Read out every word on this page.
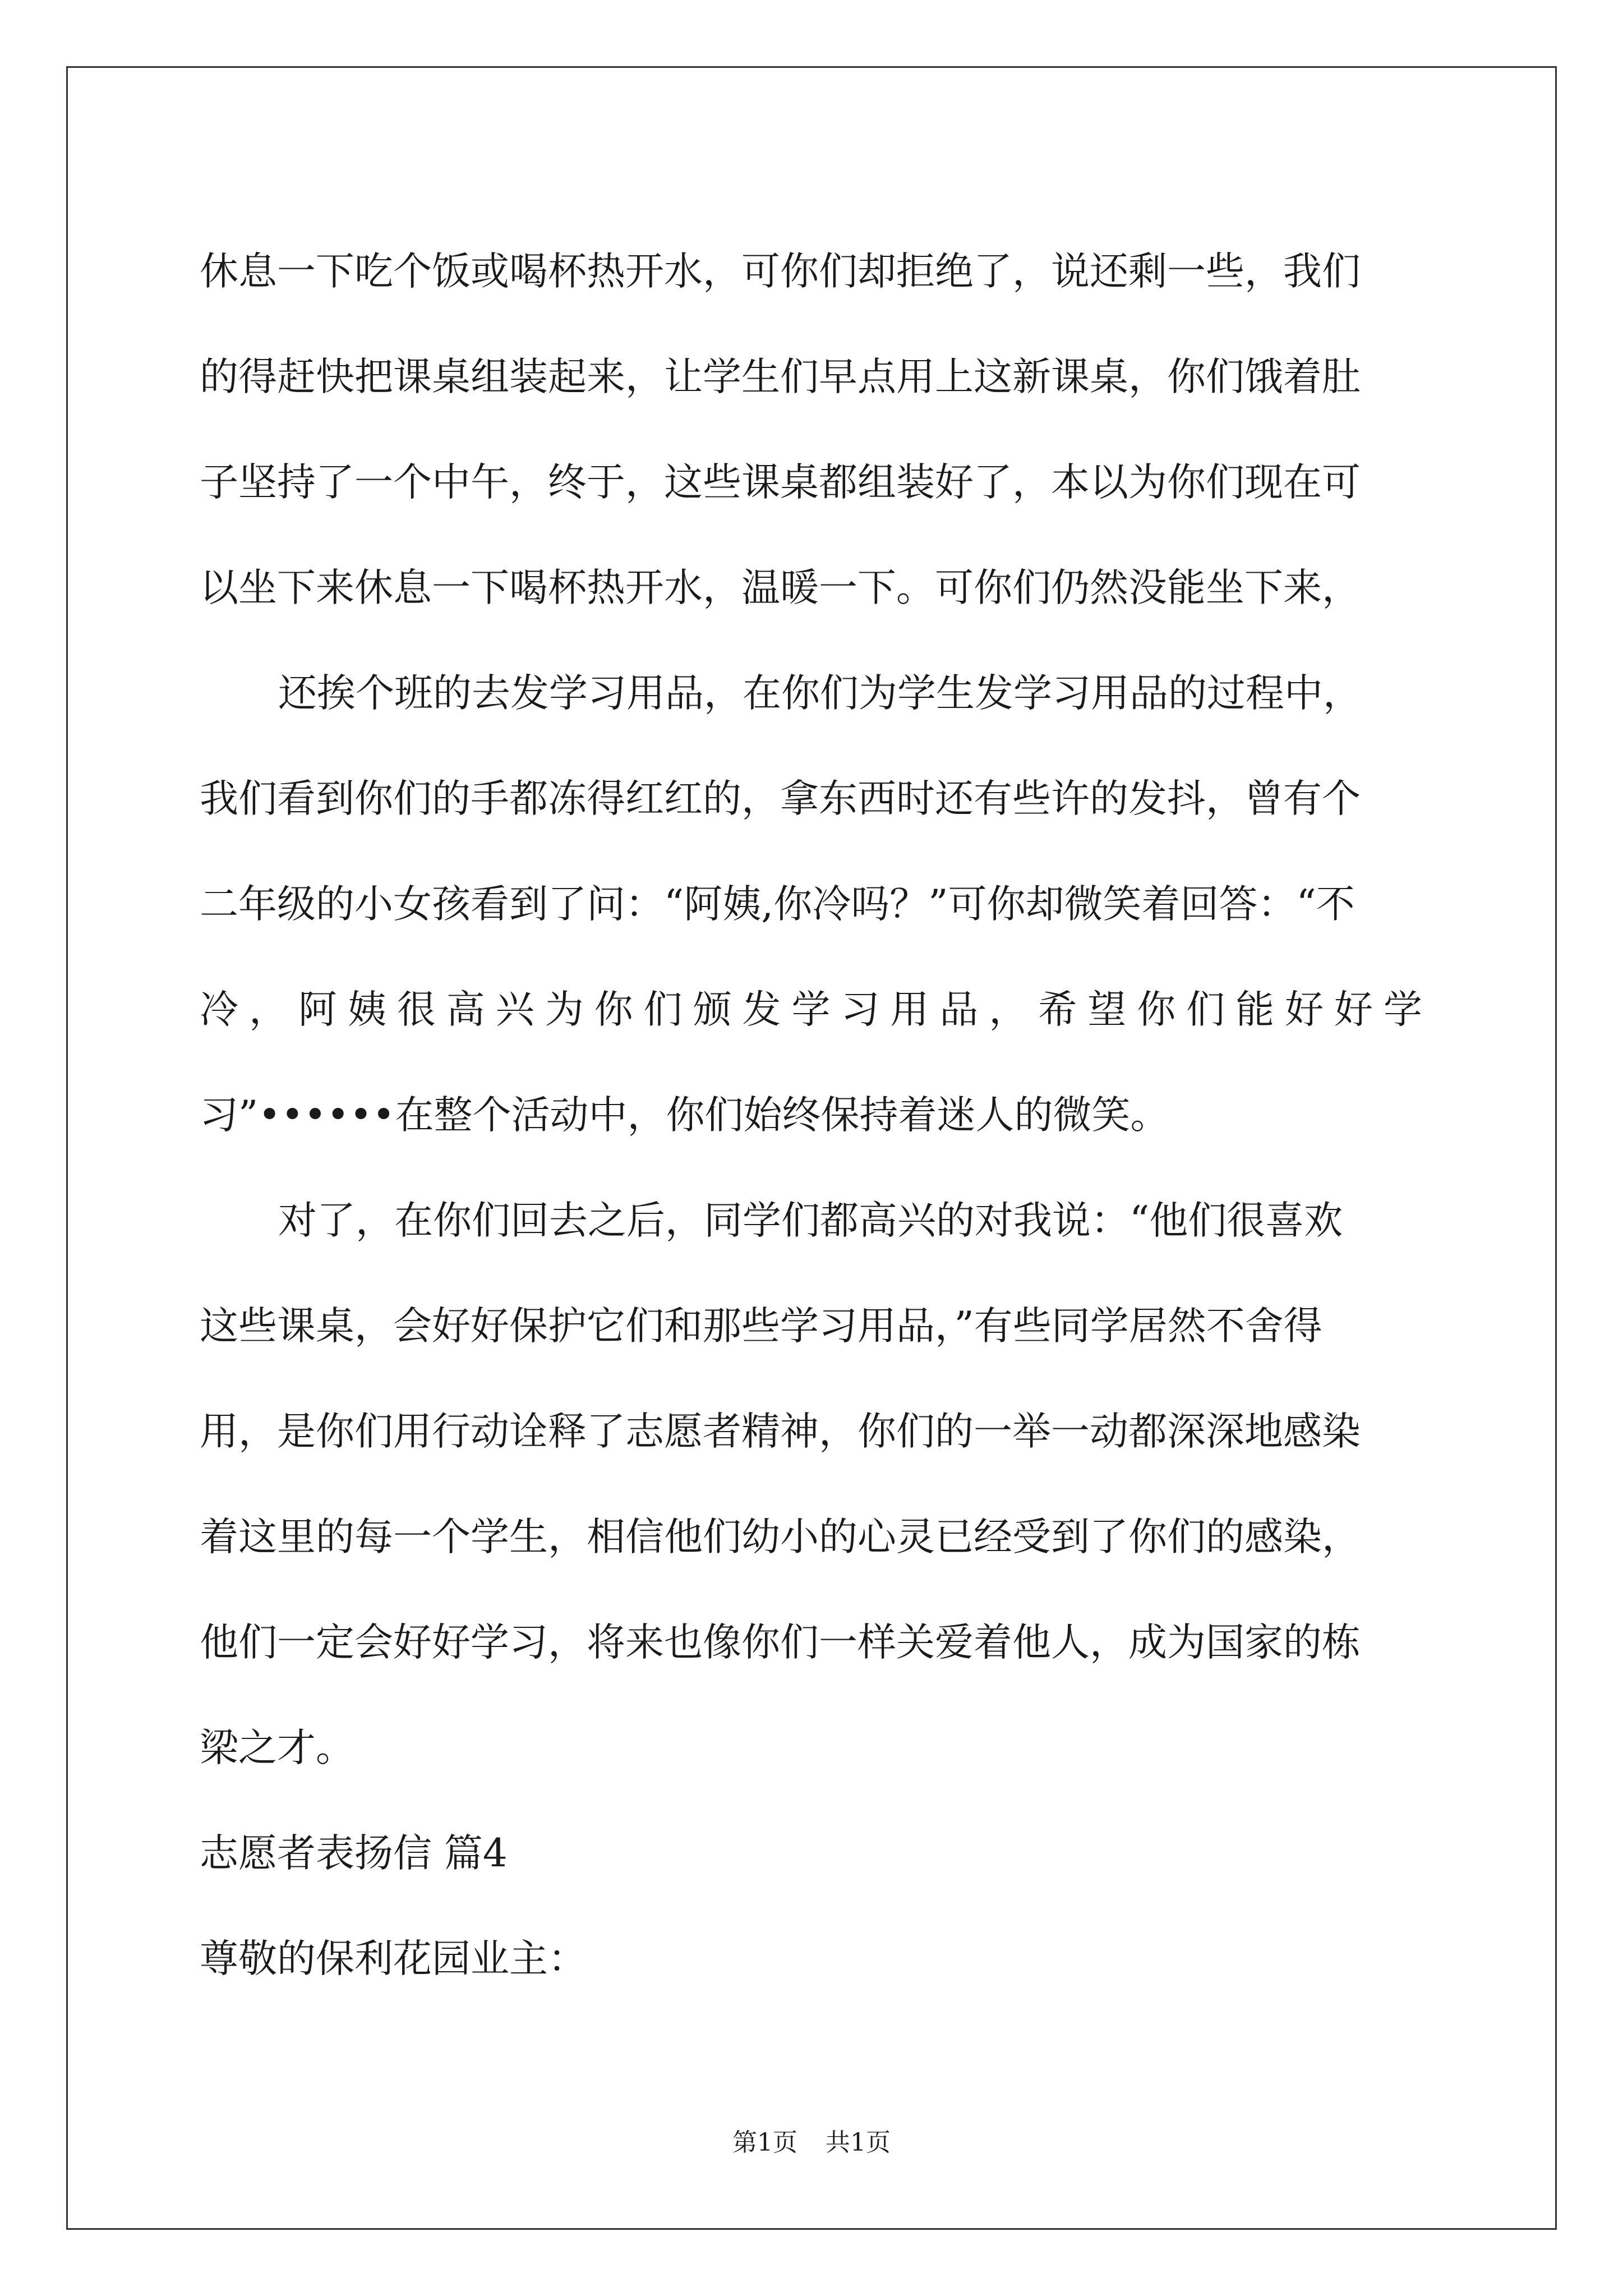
休息一下吃个饭或喝杯热开水，可你们却拒绝了，说还剩一些，我们
的得赶快把课桌组装起来，让学生们早点用上这新课桌，你们饿着肚
子坚持了一个中午，终于，这些课桌都组装好了，本以为你们现在可
以坐下来休息一下喝杯热开水，温暖一下。可你们仍然没能坐下来，
还挨个班的去发学习用品，在你们为学生发学习用品的过程中，
我们看到你们的手都冻得红红的，拿东西时还有些许的发抖，曾有个
二年级的小女孩看到了问：“阿姨,你冷吗？”可你却微笑着回答：“不
冷，阿姨很高兴为你们颁发学习用品，希望你们能好好学
习”••••••在整个活动中，你们始终保持着迷人的微笑。
对了，在你们回去之后，同学们都高兴的对我说：“他们很喜欢
这些课桌，会好好保护它们和那些学习用品，”有些同学居然不舍得
用，是你们用行动诠释了志愿者精神，你们的一举一动都深深地感染
着这里的每一个学生，相信他们幼小的心灵已经受到了你们的感染，
他们一定会好好学习，将来也像你们一样关爱着他人，成为国家的栋
梁之才。
志愿者表扬信 篇4
尊敬的保利花园业主：
第1页 共1页
